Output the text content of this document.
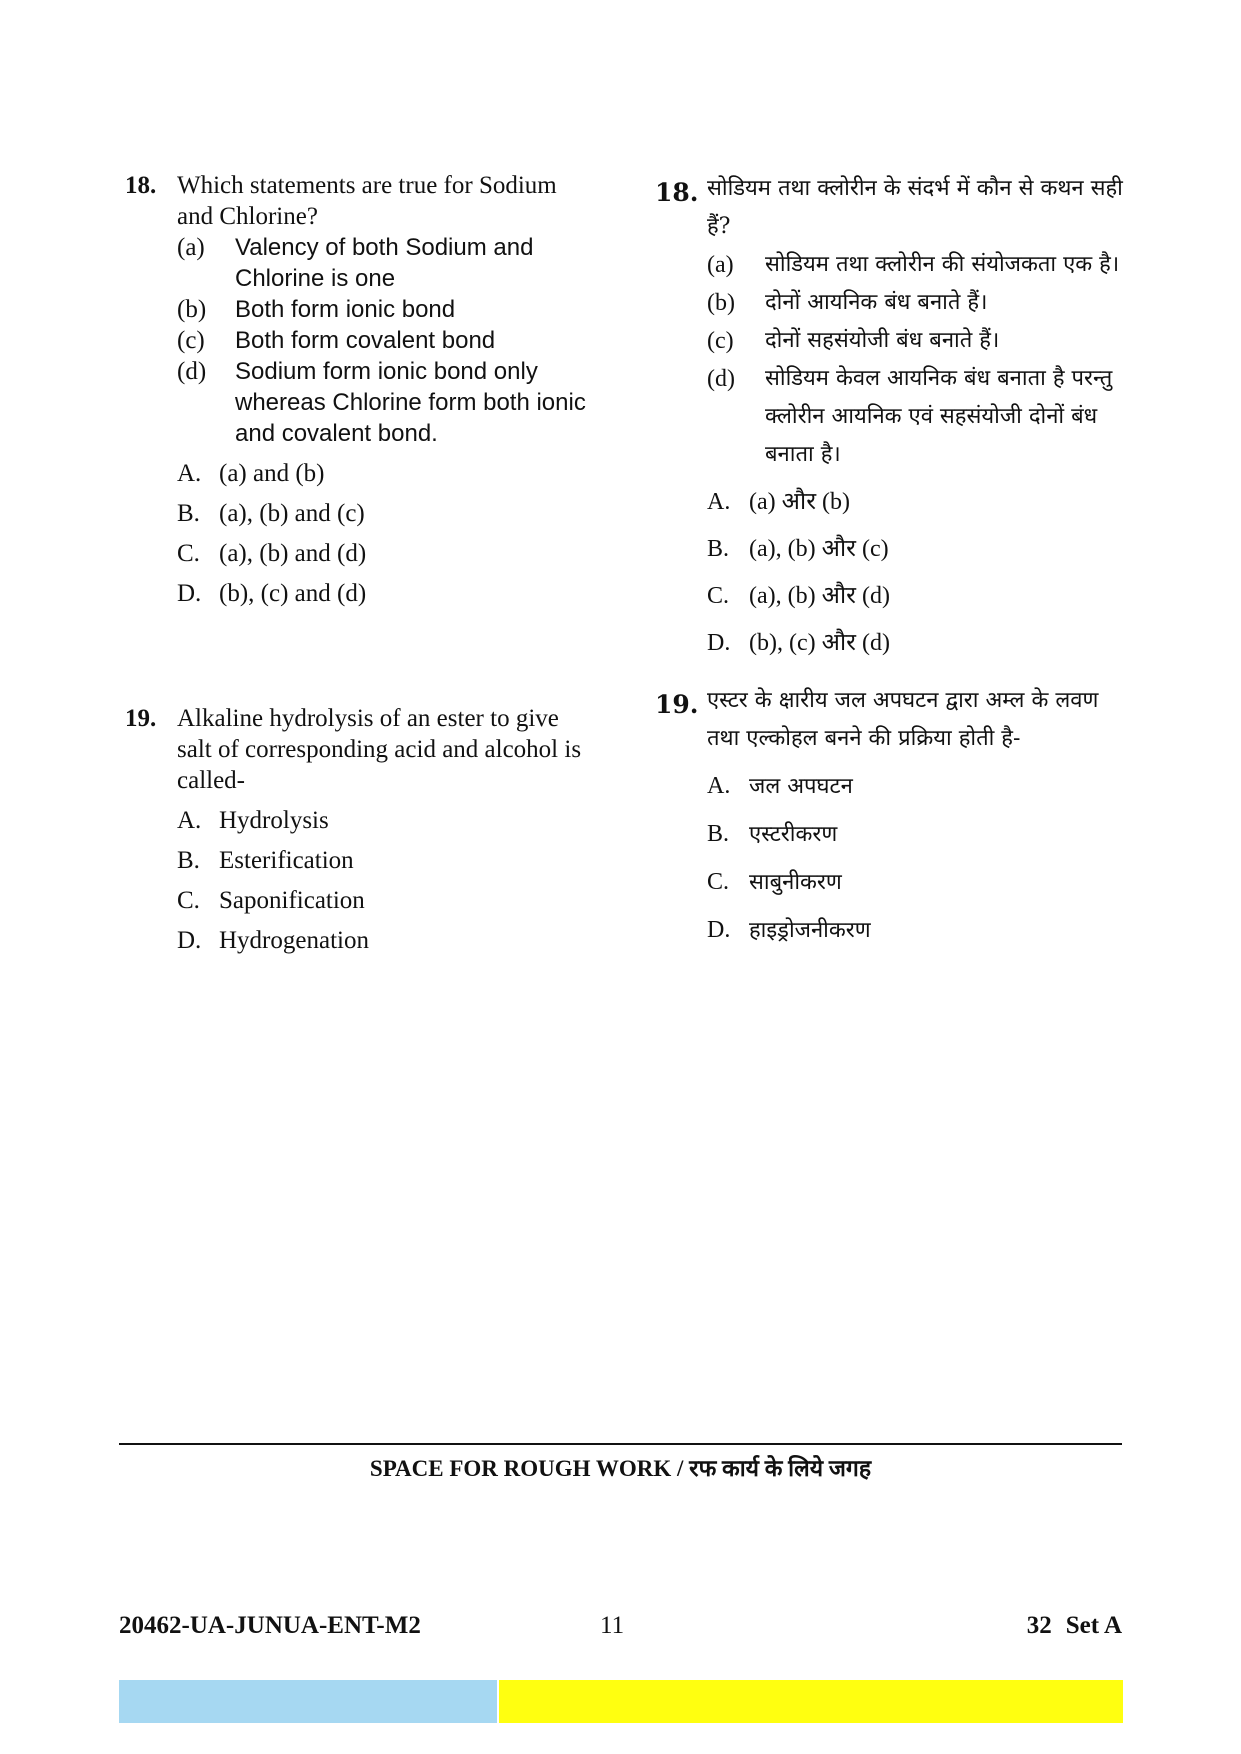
18. Which statements are true for Sodium and Chlorine?
(a)	Valency of both Sodium and Chlorine is one
(b)	Both form ionic bond
(c)	Both form covalent bond
(d)	Sodium form ionic bond only whereas Chlorine form both ionic and covalent bond.
A. (a) and (b)
B. (a), (b) and (c)
C. (a), (b) and (d)
D. (b), (c) and (d)
19. Alkaline hydrolysis of an ester to give salt of corresponding acid and alcohol is called-
A. Hydrolysis
B. Esterification
C. Saponification
D. Hydrogenation
18. सोडियम तथा क्लोरीन के संदर्भ में कौन से कथन सही हैं?
(a)	सोडियम तथा क्लोरीन की संयोजकता एक है।
(b)	दोनों आयनिक बंध बनाते हैं।
(c)	दोनों सहसंयोजी बंध बनाते हैं।
(d)	सोडियम केवल आयनिक बंध बनाता है परन्तु क्लोरीन आयनिक एवं सहसंयोजी दोनों बंध बनाता है।
A. (a) और (b)
B. (a), (b) और (c)
C. (a), (b) और (d)
D. (b), (c) और (d)
19. एस्टर के क्षारीय जल अपघटन द्वारा अम्ल के लवण तथा एल्कोहल बनने की प्रक्रिया होती है-
A. जल अपघटन
B. एस्टरीकरण
C. साबुनीकरण
D. हाइड्रोजनीकरण
SPACE FOR ROUGH WORK / रफ कार्य के लिये जगह
20462-UA-JUNUA-ENT-M2	11	32 Set A
